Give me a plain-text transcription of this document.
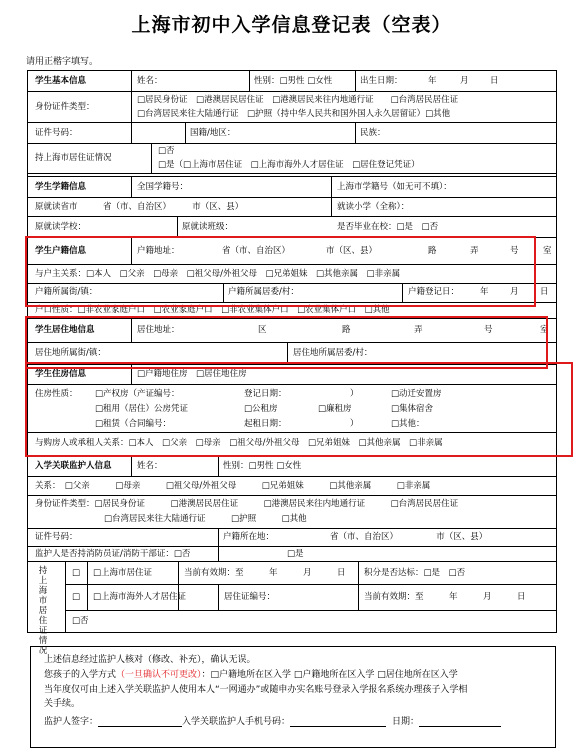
上海市初中入学信息登记表（空表）
请用正楷字填写。
学生基本信息	姓名：	性别：□男性 □女性	出生日期：	年	月	日
身份证件类型：
□居民身份证　□港澳居民居住证　□港澳居民来往内地通行证　　□台湾居民居住证
□台湾居民来往大陆通行证　□护照（持中华人民共和国外国人永久居留证）□其他
证件号码：	国籍/地区：	民族：
持上海市居住证情况
□否
□是（□上海市居住证　□上海市海外人才居住证　□居住登记凭证）
学生学籍信息	全国学籍号：	上海市学籍号（如无可不填）：
原就读省市　　　省（市、自治区）　　　市（区、县）	就读小学（全称）：
原就读学校：	原就读班级：	是否毕业在校：□是　□否
学生户籍信息	户籍地址：	省（市、自治区）	市（区、县）	路	弄	号	室
与户主关系：□本人　□父亲　□母亲　□祖父母/外祖父母　□兄弟姐妹　□其他亲属　□非亲属
户籍所属街/镇：	户籍所属居委/村：	户籍登记日： 年	月	日
户口性质：□非农业家庭户口　□农业家庭户口　□非农业集体户口　□农业集体户口　□其他
学生居住地信息	居住地址：	区	路	弄	号	室
居住地所属街/镇：	居住地所属居委/村：
学生住房信息	□户籍地住房　□居住地住房
住房性质： □产权房（产证编号：	登记日期：	）	□动迁安置房
□租用（居住）公房凭证	□公租房	□廉租房	□集体宿舍
□租赁（合同编号：	起租日期：	）	□其他：
与购房人或承租人关系：□本人　□父亲　□母亲　□祖父母/外祖父母　□兄弟姐妹　□其他亲属　□非亲属
入学关联监护人信息	姓名：	性别：□男性 □女性
关系：　□父亲　　　□母亲　　　□祖父母/外祖父母　　　□兄弟姐妹　　　□其他亲属　　　□非亲属
身份证件类型：□居民身份证　　　□港澳居民居住证　　　□港澳居民来往内地通行证　　　□台湾居民居住证
□台湾居民来往大陆通行证　　　□护照　　　□其他
证件号码：	户籍所在地：	省（市、自治区）　　　　　市（区、县）
监护人是否持消防员证/消防干部证：□否	□是
持上海市居住证情况
□ □上海市居住证	当前有效期：至　　　年　　　月　　　日 积分是否达标：□是　□否
□ □上海市海外人才居住证	居住证编号：	当前有效期：至　　　年　　　月　　　日
□否
上述信息经过监护人核对（修改、补充），确认无误。
您孩子的入学方式（一旦确认不可更改）：□户籍地所在区入学 □户籍地所在区入学 □居住地所在区入学
当年度仅可由上述入学关联监护人使用本人“一网通办”或随申办实名账号登录入学报名系统办理孩子入学相
关手续。
监护人签字：	入学关联监护人手机号码：	日期：
